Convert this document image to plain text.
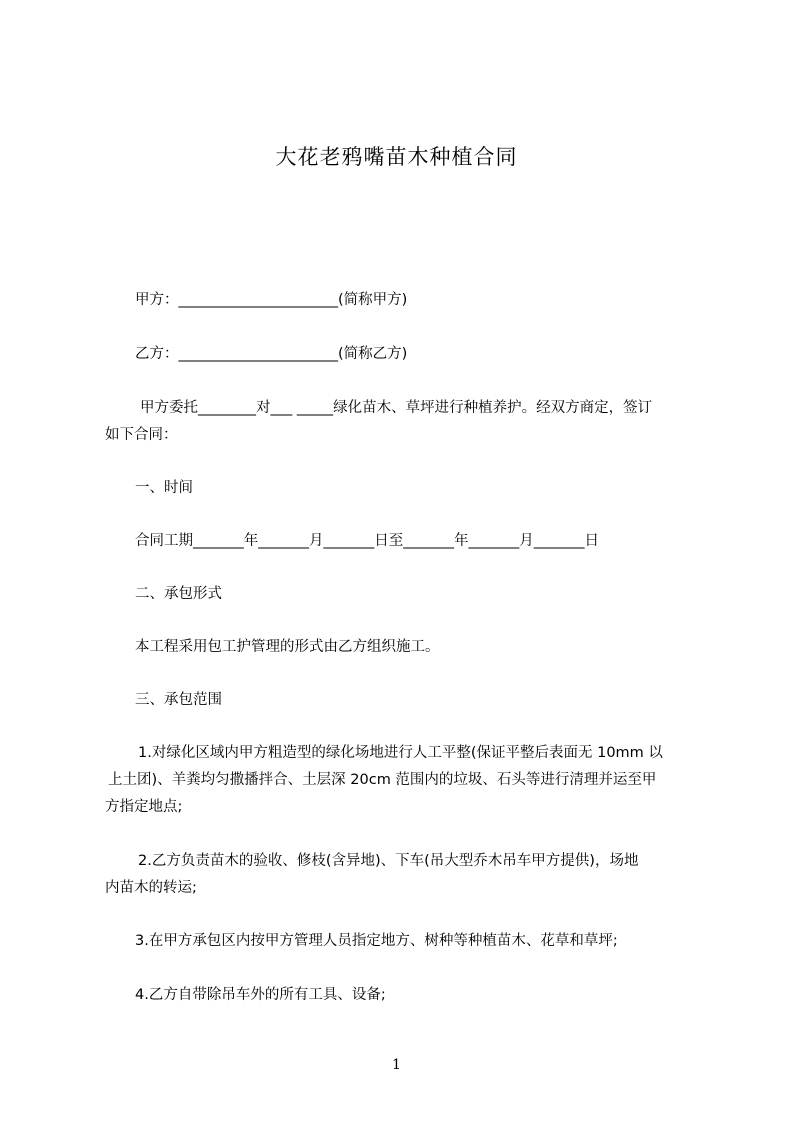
大花老鸦嘴苗木种植合同

甲方：______________________(简称甲方)

乙方：______________________(简称乙方)

甲方委托________对___ _____绿化苗木、草坪进行种植养护。经双方商定，签订

如下合同：

一、时间

合同工期_______年_______月_______日至_______年_______月_______日

二、承包形式

本工程采用包工护管理的形式由乙方组织施工。

三、承包范围

1.对绿化区域内甲方粗造型的绿化场地进行人工平整(保证平整后表面无 10mm 以

上土团)、羊粪均匀撒播拌合、土层深 20cm 范围内的垃圾、石头等进行清理并运至甲

方指定地点;

2.乙方负责苗木的验收、修枝(含异地)、下车(吊大型乔木吊车甲方提供)，场地

内苗木的转运;

3.在甲方承包区内按甲方管理人员指定地方、树种等种植苗木、花草和草坪;

4.乙方自带除吊车外的所有工具、设备;

1
